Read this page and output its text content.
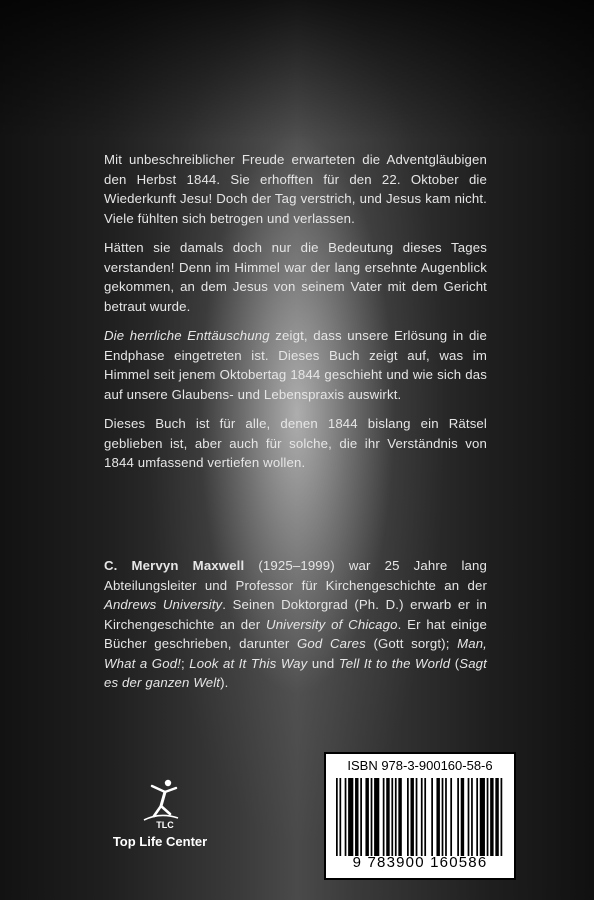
Mit unbeschreiblicher Freude erwarteten die Adventgläubigen den Herbst 1844. Sie erhofften für den 22. Oktober die Wiederkunft Jesu! Doch der Tag verstrich, und Jesus kam nicht. Viele fühlten sich betrogen und verlassen.

Hätten sie damals doch nur die Bedeutung dieses Tages verstanden! Denn im Himmel war der lang ersehnte Augenblick gekommen, an dem Jesus von seinem Vater mit dem Gericht betraut wurde.

Die herrliche Enttäuschung zeigt, dass unsere Erlösung in die Endphase eingetreten ist. Dieses Buch zeigt auf, was im Himmel seit jenem Oktobertag 1844 geschieht und wie sich das auf unsere Glaubens- und Lebenspraxis auswirkt.

Dieses Buch ist für alle, denen 1844 bislang ein Rätsel geblieben ist, aber auch für solche, die ihr Verständnis von 1844 umfassend vertiefen wollen.

C. Mervyn Maxwell (1925–1999) war 25 Jahre lang Abteilungsleiter und Professor für Kirchengeschichte an der Andrews University. Seinen Doktorgrad (Ph. D.) erwarb er in Kirchengeschichte an der University of Chicago. Er hat einige Bücher geschrieben, darunter God Cares (Gott sorgt); Man, What a God!; Look at It This Way und Tell It to the World (Sagt es der ganzen Welt).

TLC
Top Life Center
ISBN 978-3-900160-58-6
9 783900 160586
